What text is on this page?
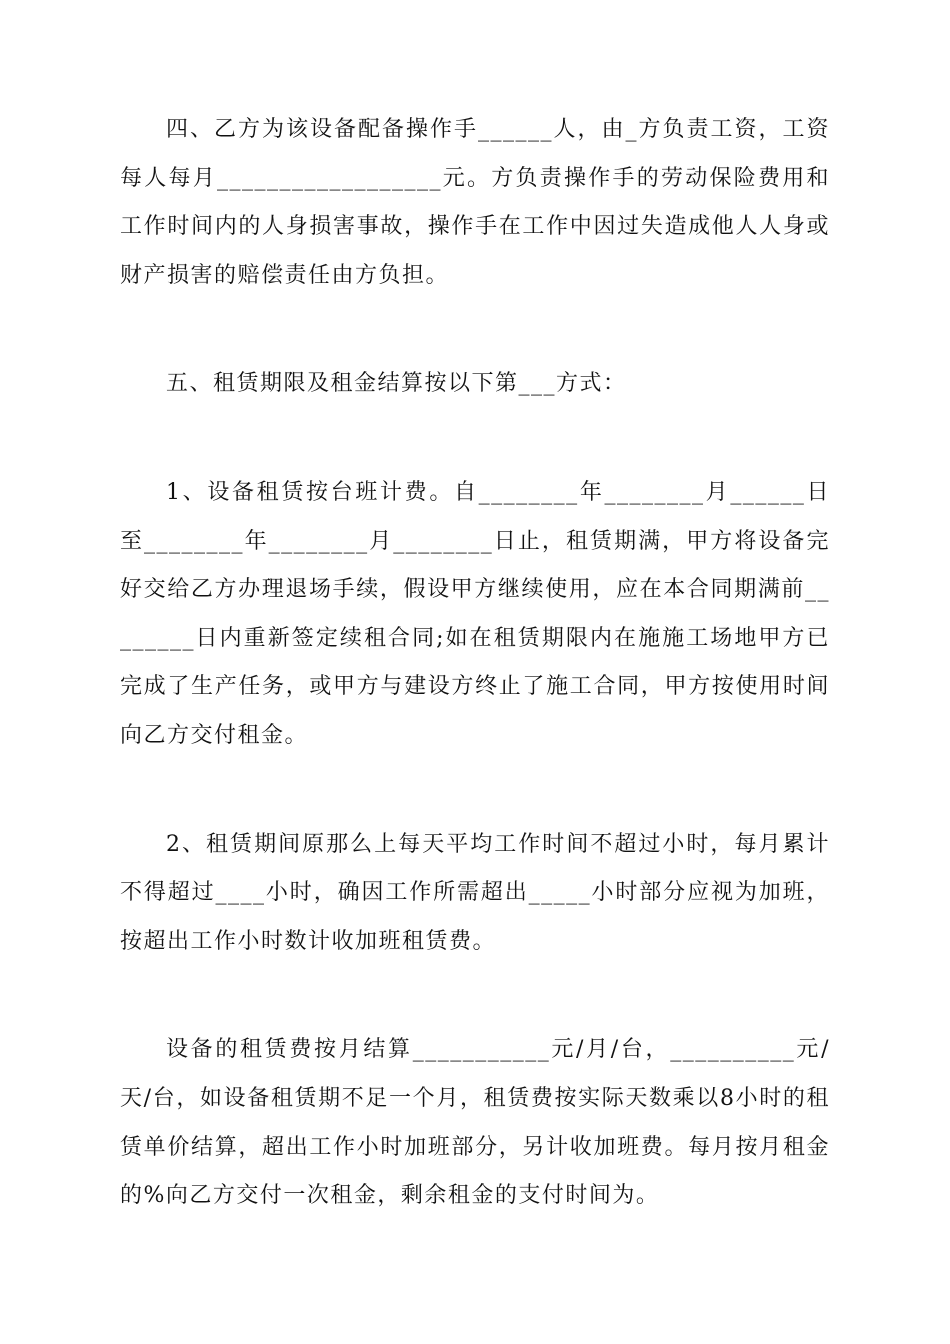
四、乙方为该设备配备操作手______人，由_方负责工资，工资每人每月__________________元。方负责操作手的劳动保险费用和工作时间内的人身损害事故，操作手在工作中因过失造成他人人身或财产损害的赔偿责任由方负担。

五、租赁期限及租金结算按以下第___方式：

1、设备租赁按台班计费。自________年________月______日至________年________月________日止，租赁期满，甲方将设备完好交给乙方办理退场手续，假设甲方继续使用，应在本合同期满前________日内重新签定续租合同;如在租赁期限内在施施工场地甲方已完成了生产任务，或甲方与建设方终止了施工合同，甲方按使用时间向乙方交付租金。

2、租赁期间原那么上每天平均工作时间不超过小时，每月累计不得超过____小时，确因工作所需超出_____小时部分应视为加班，按超出工作小时数计收加班租赁费。

设备的租赁费按月结算___________元/月/台，__________元/天/台，如设备租赁期不足一个月，租赁费按实际天数乘以8小时的租赁单价结算，超出工作小时加班部分，另计收加班费。每月按月租金的%向乙方交付一次租金，剩余租金的支付时间为。
